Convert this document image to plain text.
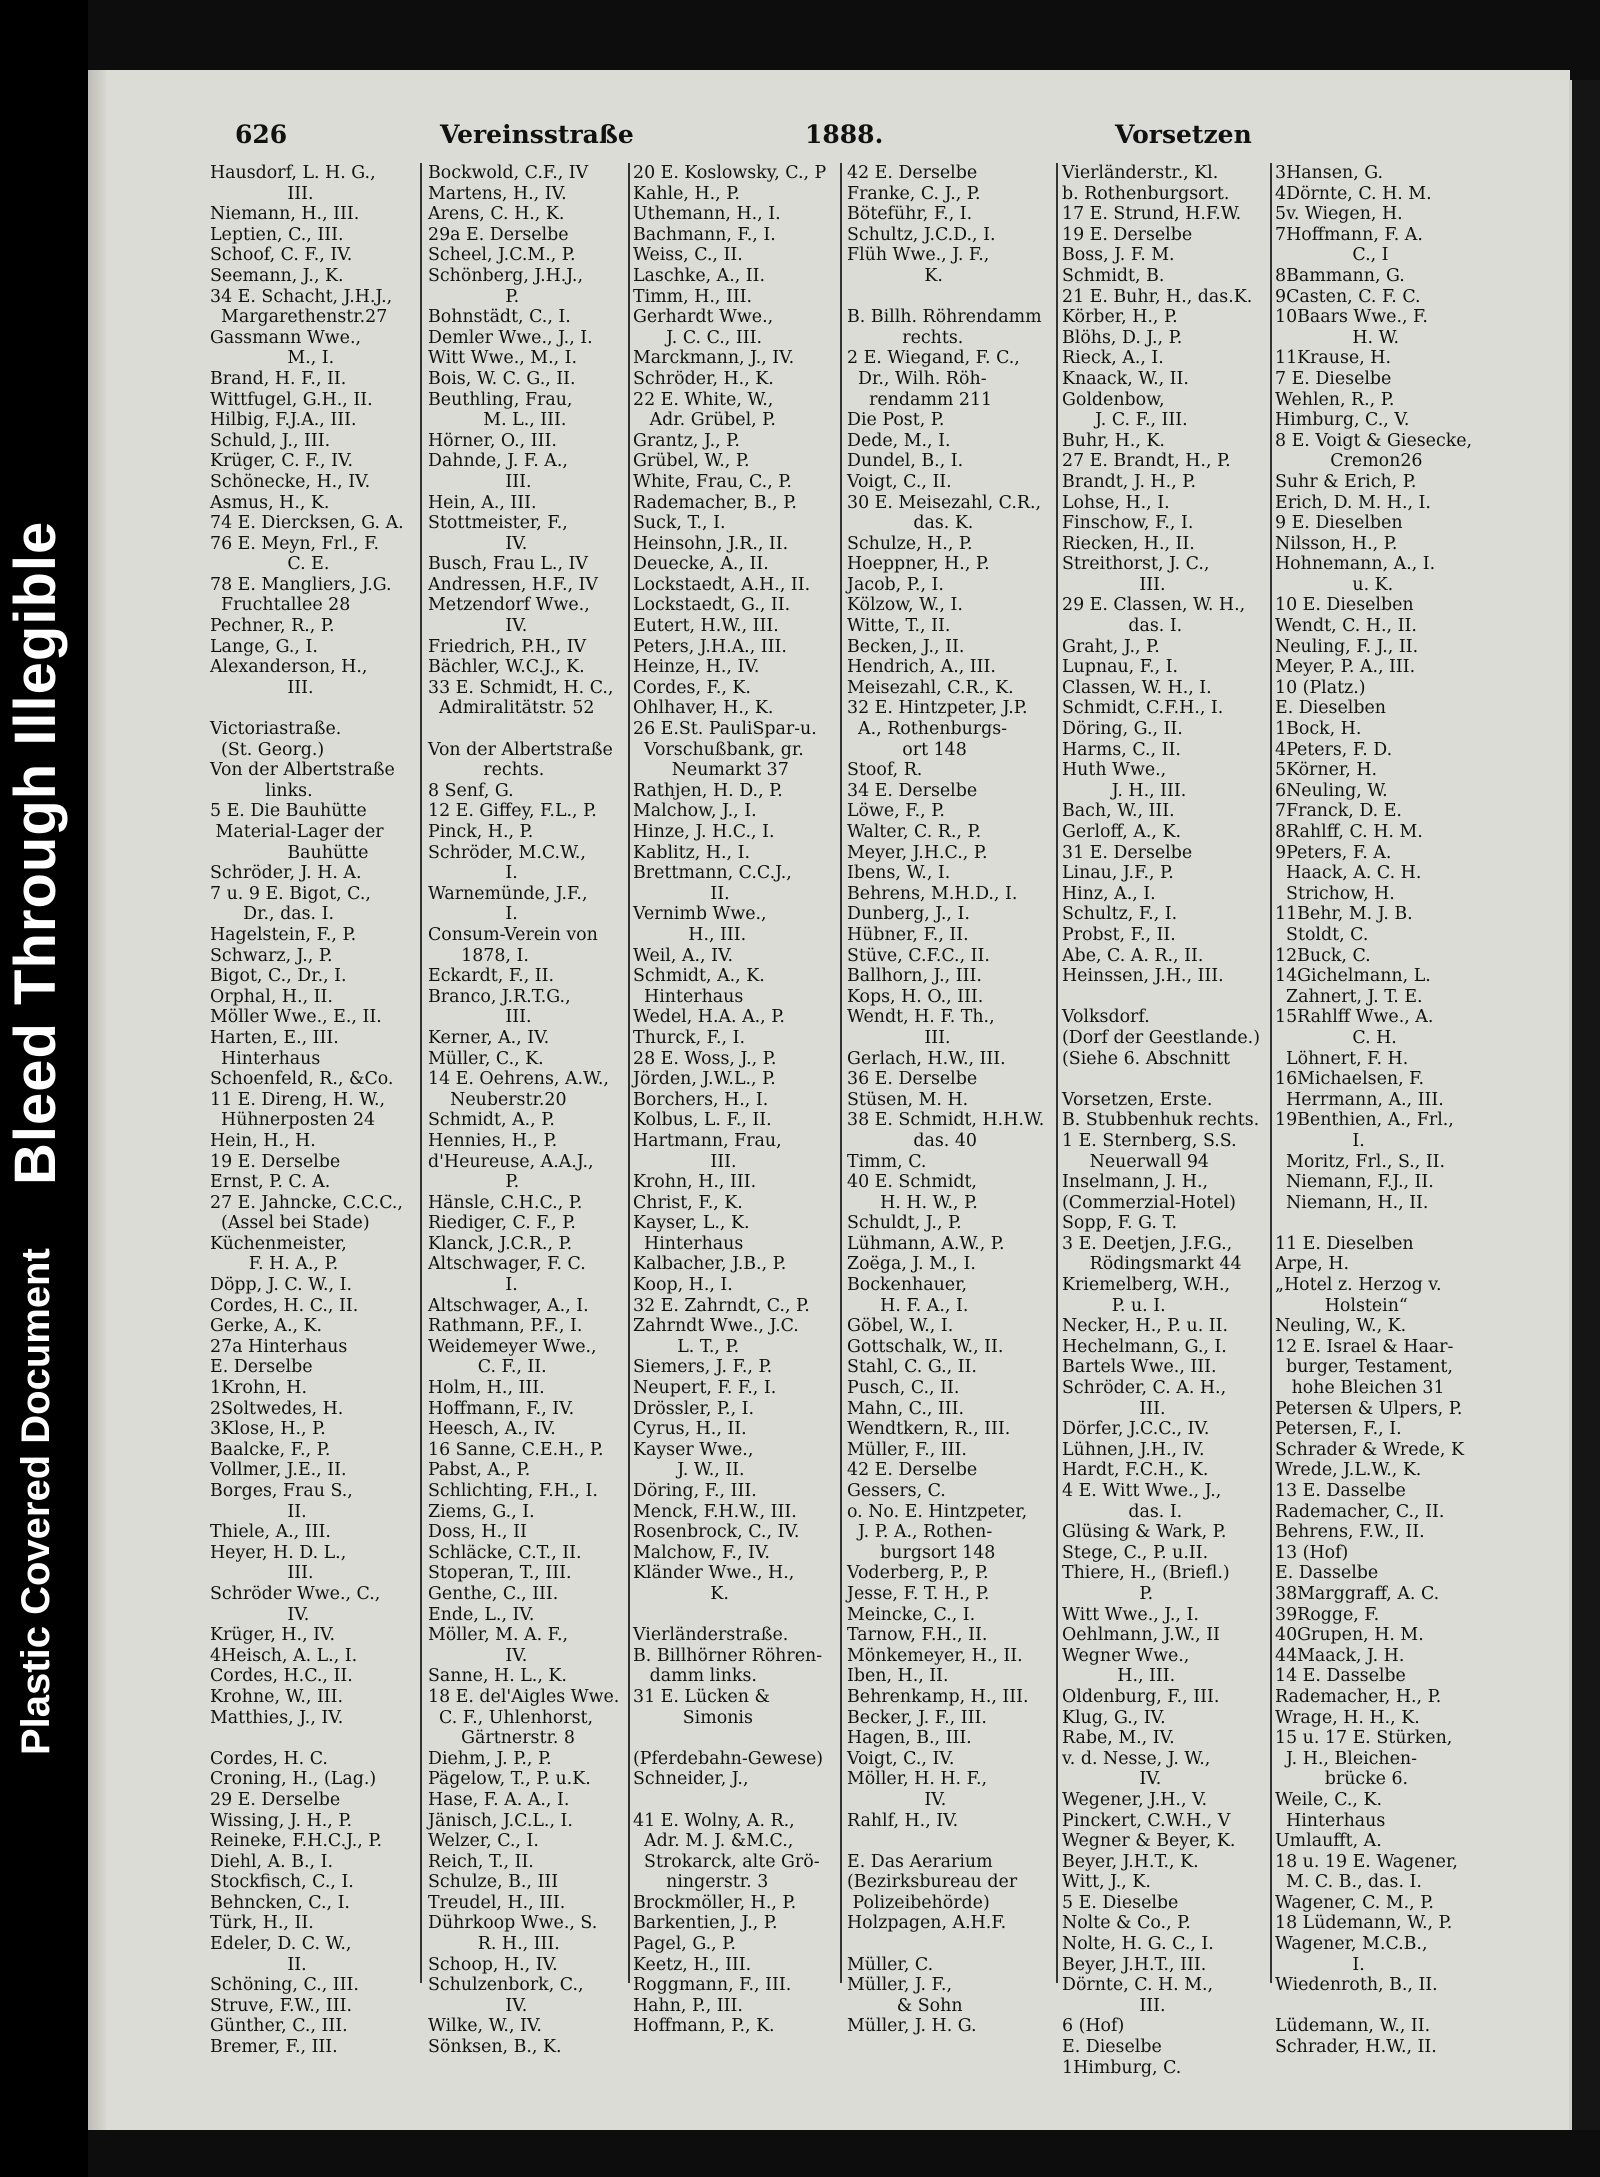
Bleed Through Illegible
Plastic Covered Document
626	Vereinsstraße	1888.	Vorsetzen
Hausdorf, L. H. G.,
III.
Niemann, H., III.
Leptien, C., III.
Schoof, C. F., IV.
Seemann, J., K.
34 E. Schacht, J.H.J.,
Margarethenstr.27
Gassmann Wwe.,
M., I.
Brand, H. F., II.
Wittfugel, G.H., II.
Hilbig, F.J.A., III.
Schuld, J., III.
Krüger, C. F., IV.
Schönecke, H., IV.
Asmus, H., K.
74 E. Diercksen, G. A.
76 E. Meyn, Frl., F.
C. E.
78 E. Mangliers, J.G.
Fruchtallee 28
Pechner, R., P.
Lange, G., I.
Alexanderson, H.,
III.

Victoriastraße.
(St. Georg.)
Von der Albertstraße
links.
5 E. Die Bauhütte
Material-Lager der
Bauhütte
Schröder, J. H. A.
7 u. 9 E. Bigot, C.,
Dr., das. I.
Hagelstein, F., P.
Schwarz, J., P.
Bigot, C., Dr., I.
Orphal, H., II.
Möller Wwe., E., II.
Harten, E., III.
Hinterhaus
Schoenfeld, R., &Co.
11 E. Direng, H. W.,
Hühnerposten 24
Hein, H., H.
19 E. Derselbe
Ernst, P. C. A.
27 E. Jahncke, C.C.C.,
(Assel bei Stade)
Küchenmeister,
F. H. A., P.
Döpp, J. C. W., I.
Cordes, H. C., II.
Gerke, A., K.
27a Hinterhaus
E. Derselbe
1Krohn, H.
2Soltwedes, H.
3Klose, H., P.
Baalcke, F., P.
Vollmer, J.E., II.
Borges, Frau S.,
II.
Thiele, A., III.
Heyer, H. D. L.,
III.
Schröder Wwe., C.,
IV.
Krüger, H., IV.
4Heisch, A. L., I.
Cordes, H.C., II.
Krohne, W., III.
Matthies, J., IV.

Cordes, H. C.
Croning, H., (Lag.)
29 E. Derselbe
Wissing, J. H., P.
Reineke, F.H.C.J., P.
Diehl, A. B., I.
Stockfisch, C., I.
Behncken, C., I.
Türk, H., II.
Edeler, D. C. W.,
II.
Schöning, C., III.
Struve, F.W., III.
Günther, C., III.
Bremer, F., III.
Bockwold, C.F., IV
Martens, H., IV.
Arens, C. H., K.
29a E. Derselbe
Scheel, J.C.M., P.
Schönberg, J.H.J.,
P.
Bohnstädt, C., I.
Demler Wwe., J., I.
Witt Wwe., M., I.
Bois, W. C. G., II.
Beuthling, Frau,
M. L., III.
Hörner, O., III.
Dahnde, J. F. A.,
III.
Hein, A., III.
Stottmeister, F.,
IV.
Busch, Frau L., IV
Andressen, H.F., IV
Metzendorf Wwe.,
IV.
Friedrich, P.H., IV
Bächler, W.C.J., K.
33 E. Schmidt, H. C.,
Admiralitätstr. 52

Von der Albertstraße
rechts.
8 Senf, G.
12 E. Giffey, F.L., P.
Pinck, H., P.
Schröder, M.C.W.,
I.
Warnemünde, J.F.,
I.
Consum-Verein von
1878, I.
Eckardt, F., II.
Branco, J.R.T.G.,
III.
Kerner, A., IV.
Müller, C., K.
14 E. Oehrens, A.W.,
Neuberstr.20
Schmidt, A., P.
Hennies, H., P.
d'Heureuse, A.A.J.,
P.
Hänsle, C.H.C., P.
Riediger, C. F., P.
Klanck, J.C.R., P.
Altschwager, F. C.
I.
Altschwager, A., I.
Rathmann, P.F., I.
Weidemeyer Wwe.,
C. F., II.
Holm, H., III.
Hoffmann, F., IV.
Heesch, A., IV.
16 Sanne, C.E.H., P.
Pabst, A., P.
Schlichting, F.H., I.
Ziems, G., I.
Doss, H., II
Schläcke, C.T., II.
Stoperan, T., III.
Genthe, C., III.
Ende, L., IV.
Möller, M. A. F.,
IV.
Sanne, H. L., K.
18 E. del'Aigles Wwe.
C. F., Uhlenhorst,
Gärtnerstr. 8
Diehm, J. P., P.
Pägelow, T., P. u.K.
Hase, F. A. A., I.
Jänisch, J.C.L., I.
Welzer, C., I.
Reich, T., II.
Schulze, B., III
Treudel, H., III.
Dührkoop Wwe., S.
R. H., III.
Schoop, H., IV.
Schulzenbork, C.,
IV.
Wilke, W., IV.
Sönksen, B., K.
20 E. Koslowsky, C., P
Kahle, H., P.
Uthemann, H., I.
Bachmann, F., I.
Weiss, C., II.
Laschke, A., II.
Timm, H., III.
Gerhardt Wwe.,
J. C. C., III.
Marckmann, J., IV.
Schröder, H., K.
22 E. White, W.,
Adr. Grübel, P.
Grantz, J., P.
Grübel, W., P.
White, Frau, C., P.
Rademacher, B., P.
Suck, T., I.
Heinsohn, J.R., II.
Deuecke, A., II.
Lockstaedt, A.H., II.
Lockstaedt, G., II.
Eutert, H.W., III.
Peters, J.H.A., III.
Heinze, H., IV.
Cordes, F., K.
Ohlhaver, H., K.
26 E.St. PauliSpar-u.
Vorschußbank, gr.
Neumarkt 37
Rathjen, H. D., P.
Malchow, J., I.
Hinze, J. H.C., I.
Kablitz, H., I.
Brettmann, C.C.J.,
II.
Vernimb Wwe.,
H., III.
Weil, A., IV.
Schmidt, A., K.
Hinterhaus
Wedel, H.A. A., P.
Thurck, F., I.
28 E. Woss, J., P.
Jörden, J.W.L., P.
Borchers, H., I.
Kolbus, L. F., II.
Hartmann, Frau,
III.
Krohn, H., III.
Christ, F., K.
Kayser, L., K.
Hinterhaus
Kalbacher, J.B., P.
Koop, H., I.
32 E. Zahrndt, C., P.
Zahrndt Wwe., J.C.
L. T., P.
Siemers, J. F., P.
Neupert, F. F., I.
Drössler, P., I.
Cyrus, H., II.
Kayser Wwe.,
J. W., II.
Döring, F., III.
Menck, F.H.W., III.
Rosenbrock, C., IV.
Malchow, F., IV.
Kländer Wwe., H.,
K.

Vierländerstraße.
B. Billhörner Röhren-
damm links.
31 E. Lücken &
Simonis

(Pferdebahn-Gewese)
Schneider, J.,

41 E. Wolny, A. R.,
Adr. M. J. &M.C.,
Strokarck, alte Grö-
ningerstr. 3
Brockmöller, H., P.
Barkentien, J., P.
Pagel, G., P.
Keetz, H., III.
Roggmann, F., III.
Hahn, P., III.
Hoffmann, P., K.
42 E. Derselbe
Franke, C. J., P.
Böteführ, F., I.
Schultz, J.C.D., I.
Flüh Wwe., J. F.,
K.

B. Billh. Röhrendamm
rechts.
2 E. Wiegand, F. C.,
Dr., Wilh. Röh-
rendamm 211
Die Post, P.
Dede, M., I.
Dundel, B., I.
Voigt, C., II.
30 E. Meisezahl, C.R.,
das. K.
Schulze, H., P.
Hoeppner, H., P.
Jacob, P., I.
Kölzow, W., I.
Witte, T., II.
Becken, J., II.
Hendrich, A., III.
Meisezahl, C.R., K.
32 E. Hintzpeter, J.P.
A., Rothenburgs-
ort 148
Stoof, R.
34 E. Derselbe
Löwe, F., P.
Walter, C. R., P.
Meyer, J.H.C., P.
Ibens, W., I.
Behrens, M.H.D., I.
Dunberg, J., I.
Hübner, F., II.
Stüve, C.F.C., II.
Ballhorn, J., III.
Kops, H. O., III.
Wendt, H. F. Th.,
III.
Gerlach, H.W., III.
36 E. Derselbe
Stüsen, M. H.
38 E. Schmidt, H.H.W.
das. 40
Timm, C.
40 E. Schmidt,
H. H. W., P.
Schuldt, J., P.
Lühmann, A.W., P.
Zoëga, J. M., I.
Bockenhauer,
H. F. A., I.
Göbel, W., I.
Gottschalk, W., II.
Stahl, C. G., II.
Pusch, C., II.
Mahn, C., III.
Wendtkern, R., III.
Müller, F., III.
42 E. Derselbe
Gessers, C.
o. No. E. Hintzpeter,
J. P. A., Rothen-
burgsort 148
Voderberg, P., P.
Jesse, F. T. H., P.
Meincke, C., I.
Tarnow, F.H., II.
Mönkemeyer, H., II.
Iben, H., II.
Behrenkamp, H., III.
Becker, J. F., III.
Hagen, B., III.
Voigt, C., IV.
Möller, H. H. F.,
IV.
Rahlf, H., IV.

E. Das Aerarium
(Bezirksbureau der
Polizeibehörde)
Holzpagen, A.H.F.

Müller, C.
Müller, J. F.,
& Sohn
Müller, J. H. G.
Vierländerstr., Kl.
b. Rothenburgsort.
17 E. Strund, H.F.W.
19 E. Derselbe
Boss, J. F. M.
Schmidt, B.
21 E. Buhr, H., das.K.
Körber, H., P.
Blöhs, D. J., P.
Rieck, A., I.
Knaack, W., II.
Goldenbow,
J. C. F., III.
Buhr, H., K.
27 E. Brandt, H., P.
Brandt, J. H., P.
Lohse, H., I.
Finschow, F., I.
Riecken, H., II.
Streithorst, J. C.,
III.
29 E. Classen, W. H.,
das. I.
Graht, J., P.
Lupnau, F., I.
Classen, W. H., I.
Schmidt, C.F.H., I.
Döring, G., II.
Harms, C., II.
Huth Wwe.,
J. H., III.
Bach, W., III.
Gerloff, A., K.
31 E. Derselbe
Linau, J.F., P.
Hinz, A., I.
Schultz, F., I.
Probst, F., II.
Abe, C. A. R., II.
Heinssen, J.H., III.

Volksdorf.
(Dorf der Geestlande.)
(Siehe 6. Abschnitt

Vorsetzen, Erste.
B. Stubbenhuk rechts.
1 E. Sternberg, S.S.
Neuerwall 94
Inselmann, J. H.,
(Commerzial-Hotel)
Sopp, F. G. T.
3 E. Deetjen, J.F.G.,
Rödingsmarkt 44
Kriemelberg, W.H.,
P. u. I.
Necker, H., P. u. II.
Hechelmann, G., I.
Bartels Wwe., III.
Schröder, C. A. H.,
III.
Dörfer, J.C.C., IV.
Lühnen, J.H., IV.
Hardt, F.C.H., K.
4 E. Witt Wwe., J.,
das. I.
Glüsing & Wark, P.
Stege, C., P. u.II.
Thiere, H., (Briefl.)
P.
Witt Wwe., J., I.
Oehlmann, J.W., II
Wegner Wwe.,
H., III.
Oldenburg, F., III.
Klug, G., IV.
Rabe, M., IV.
v. d. Nesse, J. W.,
IV.
Wegener, J.H., V.
Pinckert, C.W.H., V
Wegner & Beyer, K.
Beyer, J.H.T., K.
Witt, J., K.
5 E. Dieselbe
Nolte & Co., P.
Nolte, H. G. C., I.
Beyer, J.H.T., III.
Dörnte, C. H. M.,
III.
6 (Hof)
E. Dieselbe
1Himburg, C.
3Hansen, G.
4Dörnte, C. H. M.
5v. Wiegen, H.
7Hoffmann, F. A.
C., I
8Bammann, G.
9Casten, C. F. C.
10Baars Wwe., F.
H. W.
11Krause, H.
7 E. Dieselbe
Wehlen, R., P.
Himburg, C., V.
8 E. Voigt & Giesecke,
Cremon26
Suhr & Erich, P.
Erich, D. M. H., I.
9 E. Dieselben
Nilsson, H., P.
Hohnemann, A., I.
u. K.
10 E. Dieselben
Wendt, C. H., II.
Neuling, F. J., II.
Meyer, P. A., III.
10 (Platz.)
E. Dieselben
1Bock, H.
4Peters, F. D.
5Körner, H.
6Neuling, W.
7Franck, D. E.
8Rahlff, C. H. M.
9Peters, F. A.
Haack, A. C. H.
Strichow, H.
11Behr, M. J. B.
Stoldt, C.
12Buck, C.
14Gichelmann, L.
Zahnert, J. T. E.
15Rahlff Wwe., A.
C. H.
Löhnert, F. H.
16Michaelsen, F.
Herrmann, A., III.
19Benthien, A., Frl.,
I.
Moritz, Frl., S., II.
Niemann, F.J., II.
Niemann, H., II.

11 E. Dieselben
Arpe, H.
„Hotel z. Herzog v.
Holstein“
Neuling, W., K.
12 E. Israel & Haar-
burger, Testament,
hohe Bleichen 31
Petersen & Ulpers, P.
Petersen, F., I.
Schrader & Wrede, K
Wrede, J.L.W., K.
13 E. Dasselbe
Rademacher, C., II.
Behrens, F.W., II.
13 (Hof)
E. Dasselbe
38Marggraff, A. C.
39Rogge, F.
40Grupen, H. M.
44Maack, J. H.
14 E. Dasselbe
Rademacher, H., P.
Wrage, H. H., K.
15 u. 17 E. Stürken,
J. H., Bleichen-
brücke 6.
Weile, C., K.
Hinterhaus
Umlaufft, A.
18 u. 19 E. Wagener,
M. C. B., das. I.
Wagener, C. M., P.
18 Lüdemann, W., P.
Wagener, M.C.B.,
I.
Wiedenroth, B., II.

Lüdemann, W., II.
Schrader, H.W., II.
